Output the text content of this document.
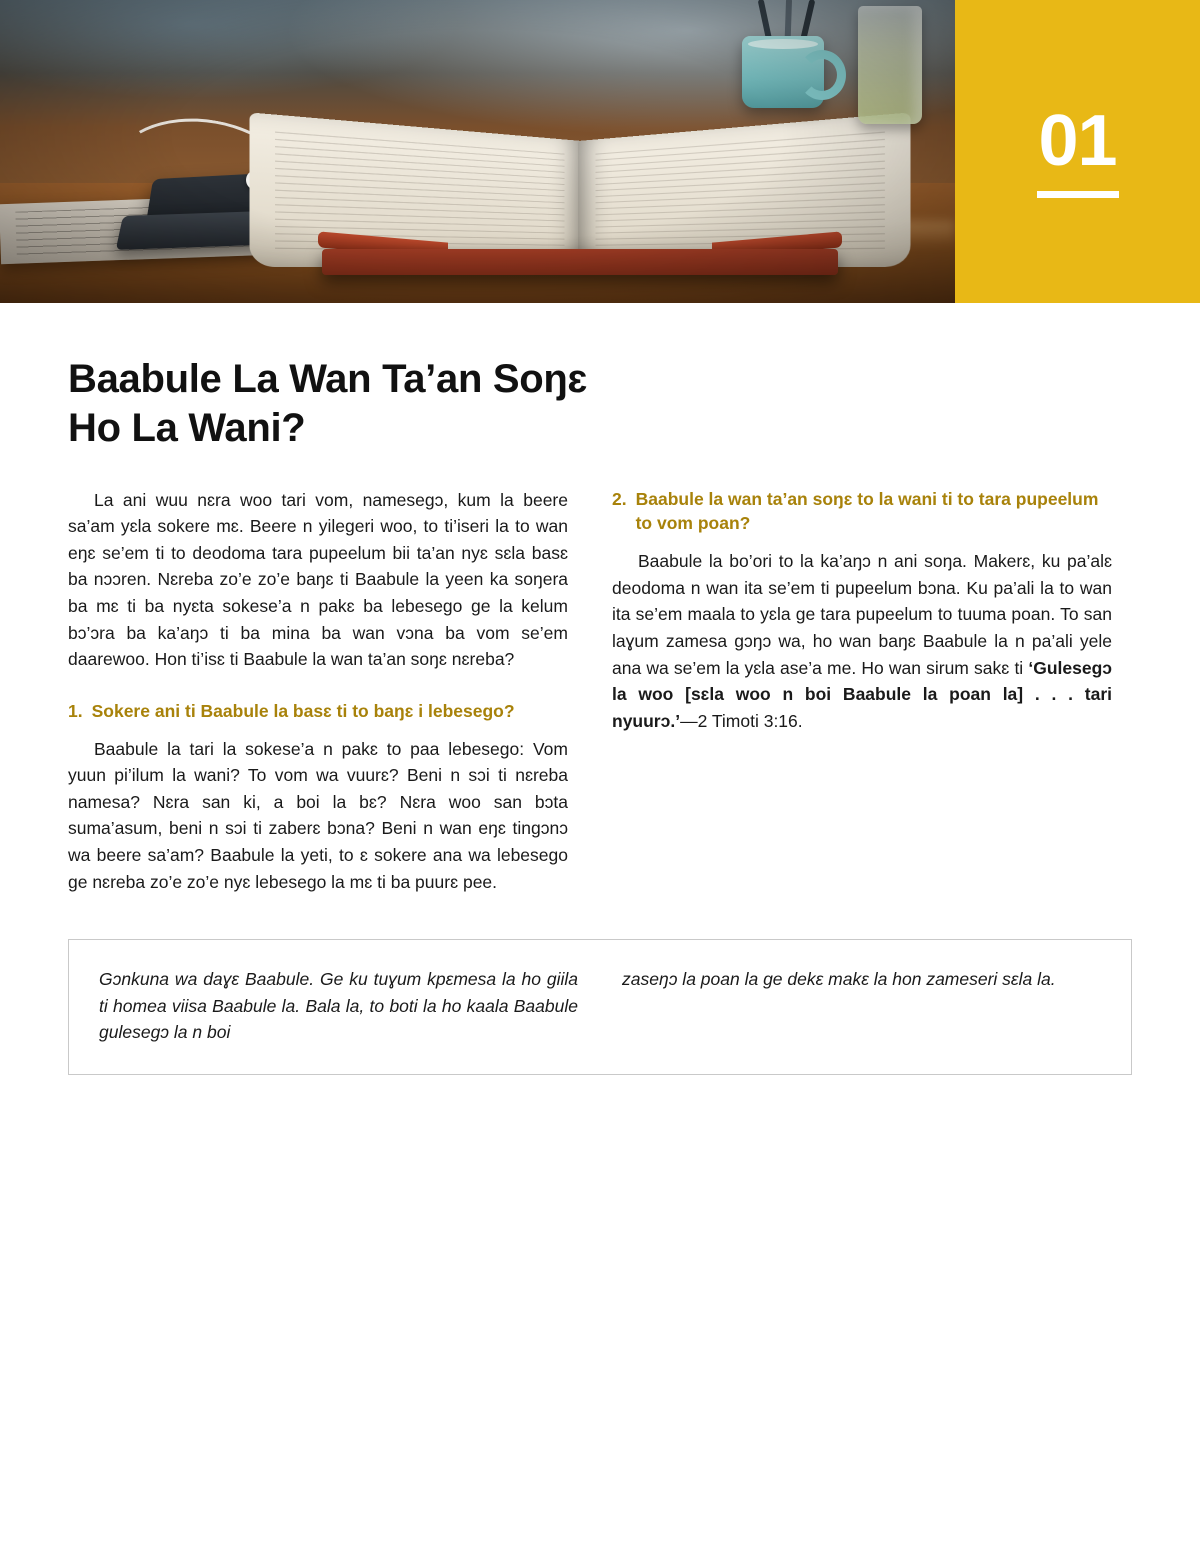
01
Baabule La Wan Ta’an Soŋɛ
Ho La Wani?

La ani wuu nɛra woo tari vom, namesegɔ, kum la beere sa’am yɛla sokere mɛ. Beere n yilegeri woo, to ti’iseri la to wan eŋɛ se’em ti to deodoma tara pupeelum bii ta’an nyɛ sɛla basɛ ba nɔɔren. Nɛreba zo’e zo’e baŋɛ ti Baabule la yeen ka soŋera ba mɛ ti ba nyɛta sokese’a n pakɛ ba lebesego ge la kelum bɔ’ɔra ba ka’aŋɔ ti ba mina ba wan vɔna ba vom se’em daarewoo. Hon ti’isɛ ti Baabule la wan ta’an soŋɛ nɛreba?

1. Sokere ani ti Baabule la basɛ ti to baŋɛ i lebesego?

Baabule la tari la sokese’a n pakɛ to paa lebesego: Vom yuun pi’ilum la wani? To vom wa vuurɛ? Beni n sɔi ti nɛreba namesa? Nɛra san ki, a boi la bɛ? Nɛra woo san bɔta suma’asum, beni n sɔi ti zaberɛ bɔna? Beni n wan eŋɛ tingɔnɔ wa beere sa’am? Baabule la yeti, to ɛ sokere ana wa lebesego ge nɛreba zo’e zo’e nyɛ lebesego la mɛ ti ba puurɛ pee.

2. Baabule la wan ta’an soŋɛ to la wani ti to tara pupeelum to vom poan?

Baabule la bo’ori to la ka’aŋɔ n ani soŋa. Makerɛ, ku pa’alɛ deodoma n wan ita se’em ti pupeelum bɔna. Ku pa’ali la to wan ita se’em maala to yɛla ge tara pupeelum to tuuma poan. To san laɣum zamesa gɔŋɔ wa, ho wan baŋɛ Baabule la n pa’ali yele ana wa se’em la yɛla ase’a me. Ho wan sirum sakɛ ti ‘Gulesegɔ la woo [sɛla woo n boi Baabule la poan la] . . . tari nyuurɔ.’—2 Timoti 3:16.

Gɔnkuna wa daɣɛ Baabule. Ge ku tuɣum kpɛmesa la ho giila ti homea viisa Baabule la. Bala la, to boti la ho kaala Baabule gulesegɔ la n boi

zaseŋɔ la poan la ge dekɛ makɛ la hon zameseri sɛla la.
